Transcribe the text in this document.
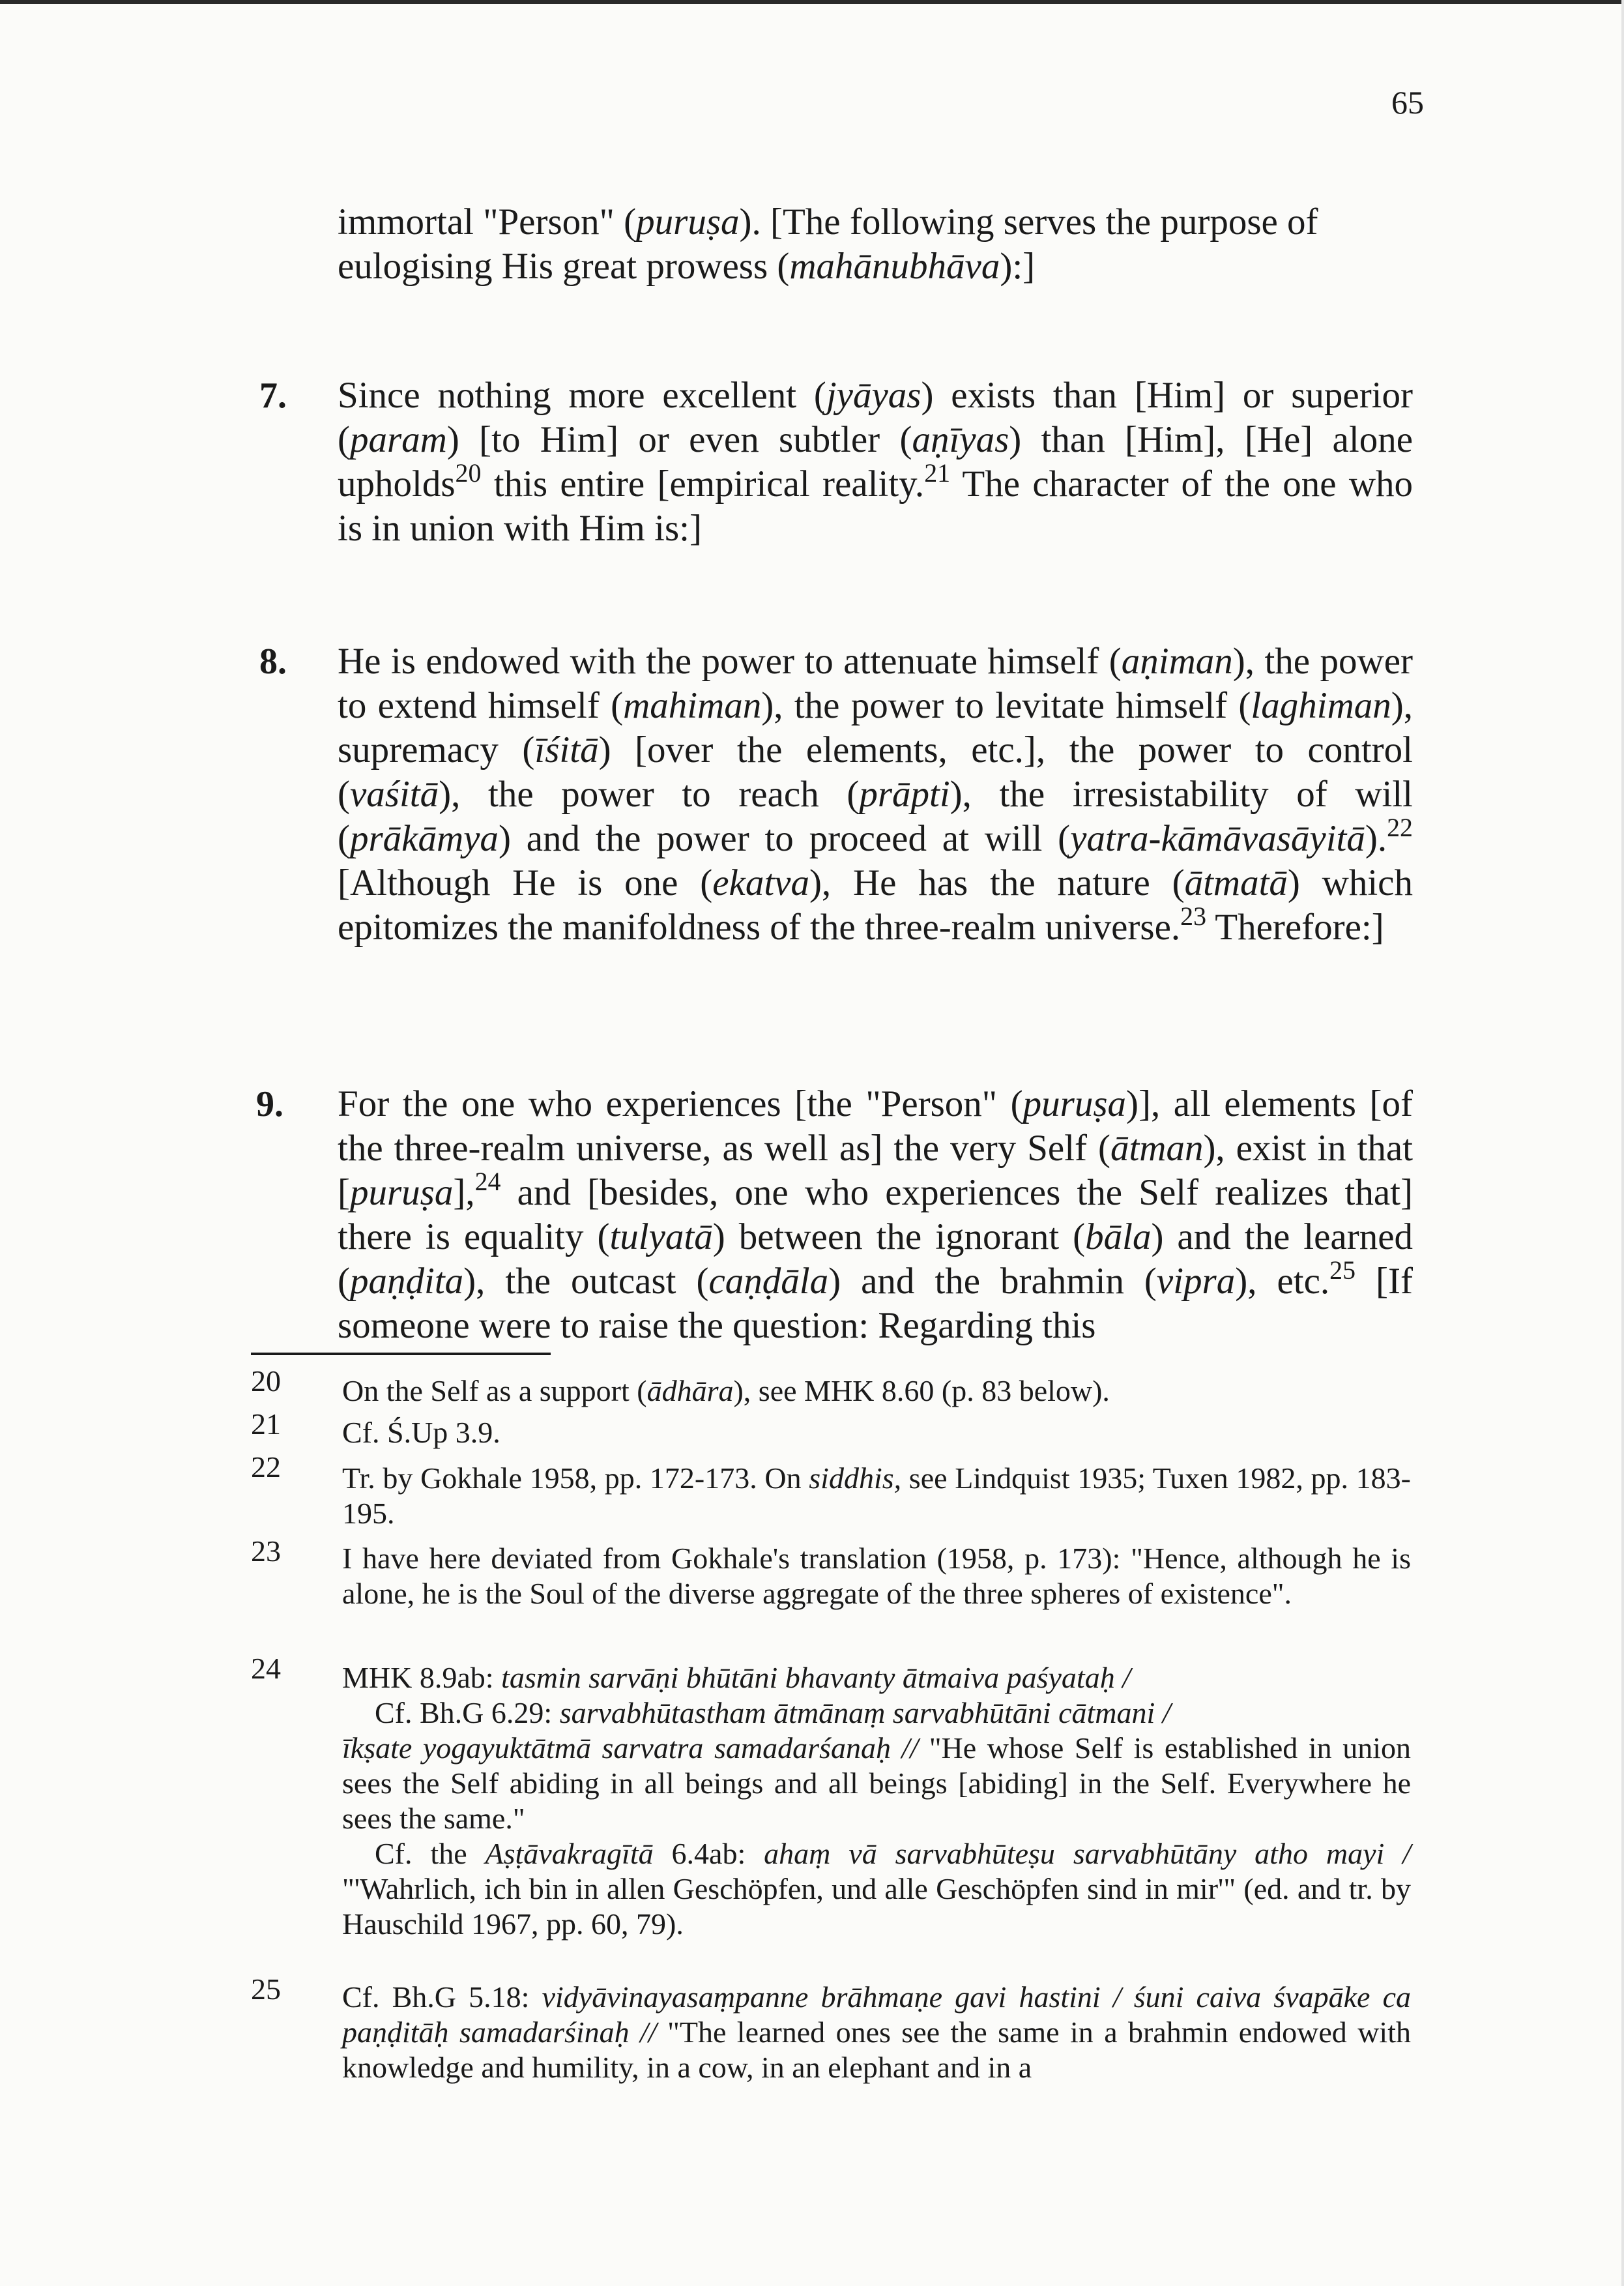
65
immortal "Person" (puruṣa). [The following serves the purpose of
eulogising His great prowess (mahānubhāva):]
7. Since nothing more excellent (jyāyas) exists than [Him] or superior (param) [to Him] or even subtler (aṇīyas) than [Him], [He] alone upholds$^{20}$ this entire [empirical reality.$^{21}$ The character of the one who is in union with Him is:]
8. He is endowed with the power to attenuate himself (aṇiman), the power to extend himself (mahiman), the power to levitate himself (laghiman), supremacy (īśitā) [over the elements, etc.], the power to control (vaśitā), the power to reach (prāpti), the irresistability of will (prākāmya) and the power to proceed at will (yatra-kāmāvasāyitā).$^{22}$ [Although He is one (ekatva), He has the nature (ātmatā) which epitomizes the manifoldness of the three-realm universe.$^{23}$ Therefore:]
9. For the one who experiences [the "Person" (puruṣa)], all elements [of the three-realm universe, as well as] the very Self (ātman), exist in that [puruṣa],$^{24}$ and [besides, one who experiences the Self realizes that] there is equality (tulyatā) between the ignorant (bāla) and the learned (paṇḍita), the outcast (caṇḍāla) and the brahmin (vipra), etc.$^{25}$ [If someone were to raise the question: Regarding this
20 On the Self as a support (ādhāra), see MHK 8.60 (p. 83 below).
21 Cf. Ś.Up 3.9.
22 Tr. by Gokhale 1958, pp. 172-173. On siddhis, see Lindquist 1935; Tuxen 1982, pp. 183-195.
23 I have here deviated from Gokhale's translation (1958, p. 173): "Hence, although he is alone, he is the Soul of the diverse aggregate of the three spheres of existence".
24 MHK 8.9ab: tasmin sarvāṇi bhūtāni bhavanty ātmaiva paśyataḥ /
Cf. Bh.G 6.29: sarvabhūtastham ātmānaṃ sarvabhūtāni cātmani /
īkṣate yogayuktātmā sarvatra samadarśanaḥ // "He whose Self is established in union sees the Self abiding in all beings and all beings [abiding] in the Self. Everywhere he sees the same."
Cf. the Aṣṭāvakragītā 6.4ab: ahaṃ vā sarvabhūteṣu sarvabhūtāny atho mayi / "'Wahrlich, ich bin in allen Geschöpfen, und alle Geschöpfen sind in mir'" (ed. and tr. by Hauschild 1967, pp. 60, 79).
25 Cf. Bh.G 5.18: vidyāvinayasaṃpanne brāhmaṇe gavi hastini / śuni caiva śvapāke ca paṇḍitāḥ samadarśinaḥ // "The learned ones see the same in a brahmin endowed with knowledge and humility, in a cow, in an elephant and in a
